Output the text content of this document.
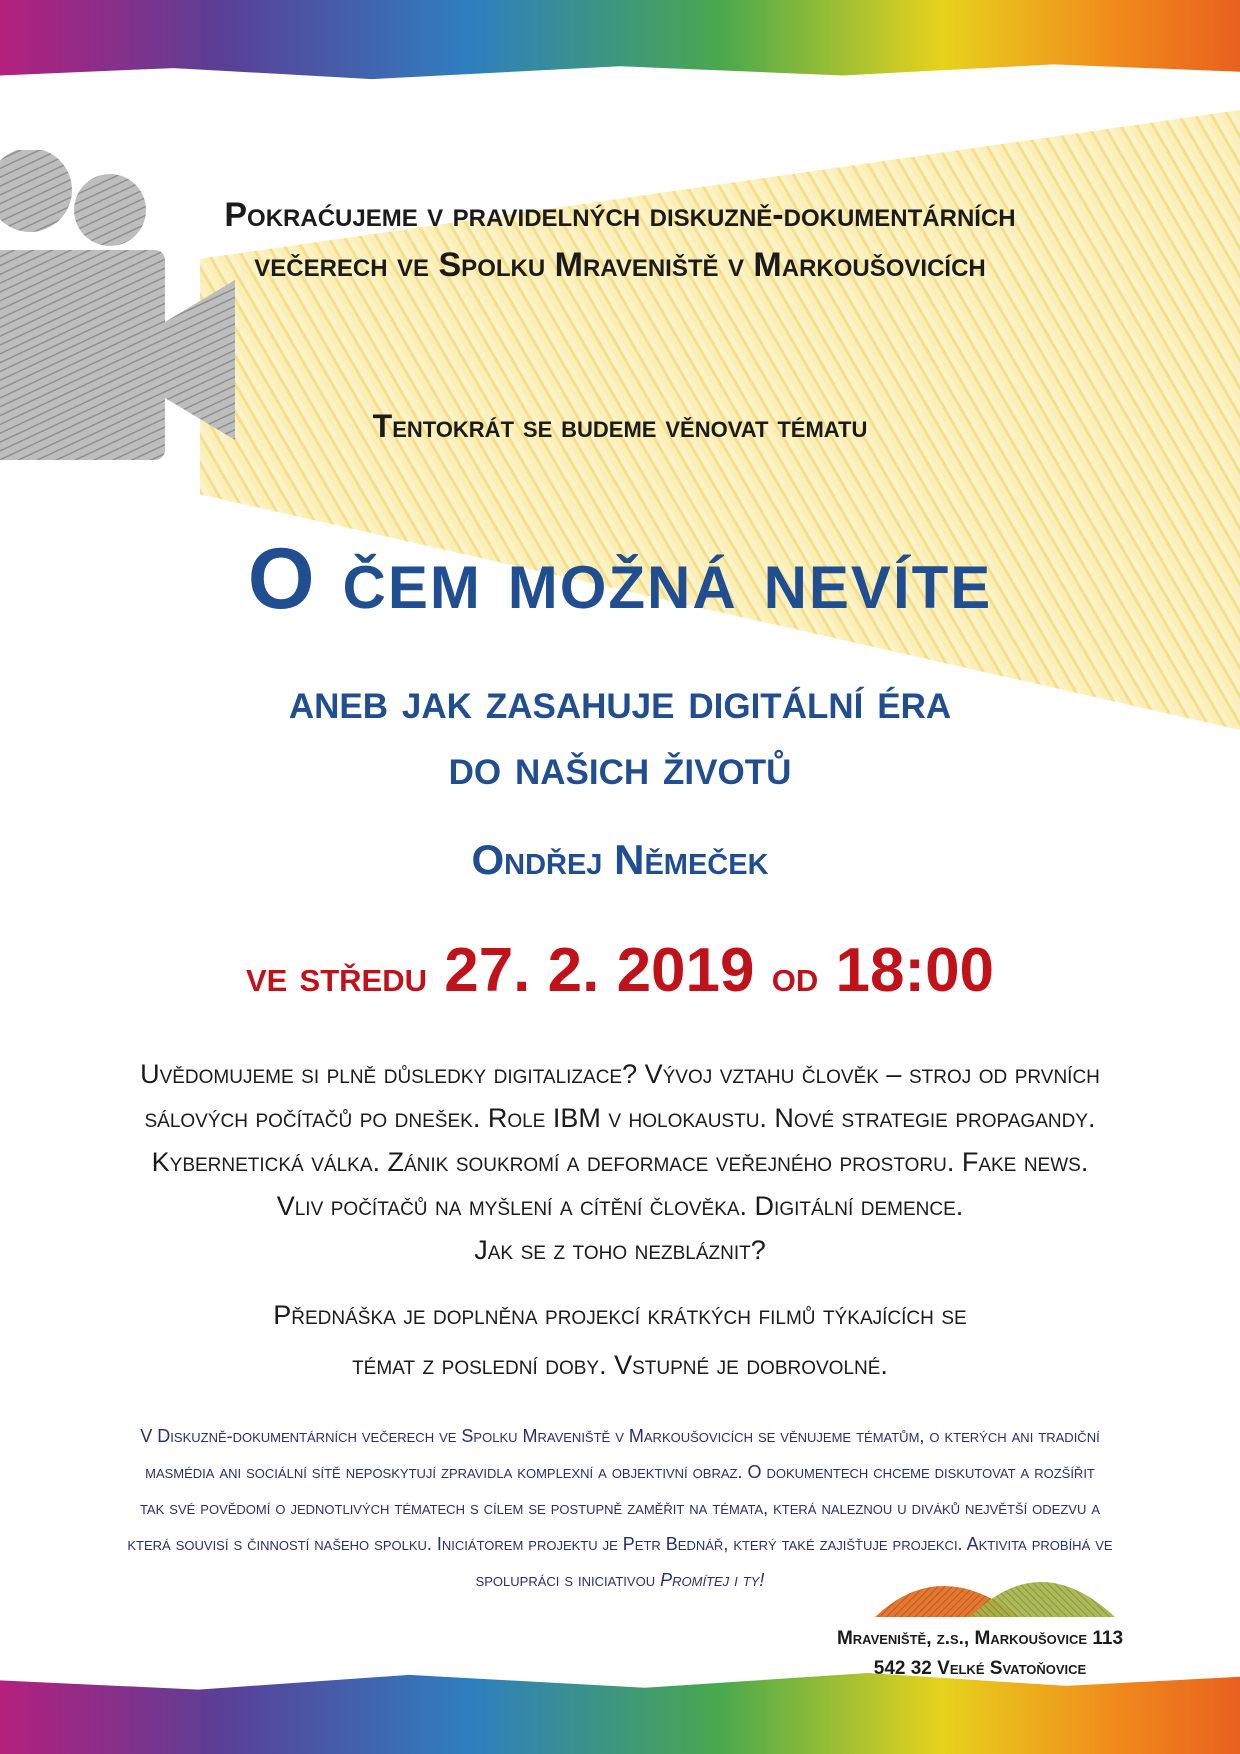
Pokraćujeme v pravidelných diskuzně-dokumentárních
večerech ve Spolku Mraveniště v Markoušovicích
Tentokrát se budeme věnovat tématu
O čem možná nevíte
aneb jak zasahuje digitální éra
do našich životů
Ondřej Němeček
ve středu 27. 2. 2019 od 18:00
Uvědomujeme si plně důsledky digitalizace? Vývoj vztahu člověk – stroj od prvních
sálových počítačů po dnešek. Role IBM v holokaustu. Nové strategie propagandy.
Kybernetická válka. Zánik soukromí a deformace veřejného prostoru. Fake news.
Vliv počítačů na myšlení a cítění člověka. Digitální demence.
Jak se z toho nezbláznit?
Přednáška je doplněna projekcí krátkých filmů týkajících se
témat z poslední doby. Vstupné je dobrovolné.
V Diskuzně-dokumentárních večerech ve Spolku Mraveniště v Markoušovicích se věnujeme tématům, o kterých ani tradiční
masmédia ani sociální sítě neposkytují zpravidla komplexní a objektivní obraz. O dokumentech chceme diskutovat a rozšířit
tak své povědomí o jednotlivých tématech s cílem se postupně zaměřit na témata, která naleznou u diváků největší odezvu a
která souvisí s činností našeho spolku. Iniciátorem projektu je Petr Bednář, který také zajišťuje projekci. Aktivita probíhá ve
spolupráci s iniciativou Promítej i ty!
Mraveniště, z.s., Markoušovice 113
542 32 Velké Svatoňovice
